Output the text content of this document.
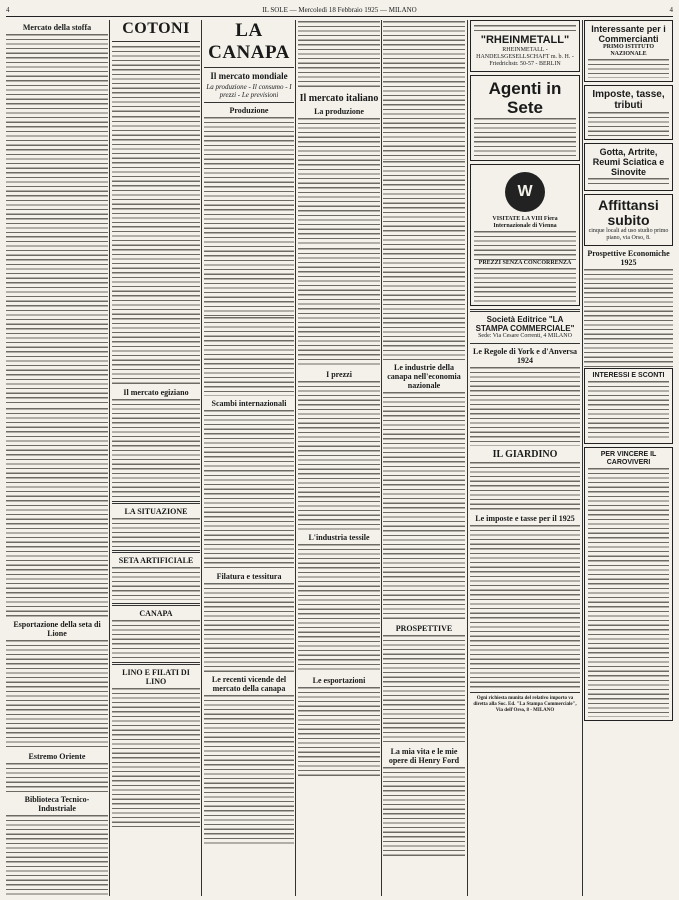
4	IL SOLE — Mercoledì 18 Febbraio 1925 — MILANO	4
Mercato della stoffa
Esportazione della seta di Lione
Estremo Oriente
Biblioteca Tecnico-Industriale
COTONI
Il mercato egiziano
LA SITUAZIONE
SETA ARTIFICIALE
CANAPA
LINO E FILATI DI LINO
LA CANAPA
Il mercato mondiale
La produzione - Il consumo - I prezzi - Le previsioni
Produzione
Scambi internazionali
Filatura e tessitura
Le recenti vicende del mercato della canapa
Il mercato italiano
La produzione
I prezzi
L'industria tessile
Le esportazioni
Le industrie della canapa nell'economia nazionale
PROSPETTIVE
La mia vita e le mie opere di Henry Ford
"RHEINMETALL"
RHEINMETALL - HANDELSGESELLSCHAFT m. b. H. - Friedrichstr. 50-57 - BERLIN
Agenti in Sete
W
VISITATE LA VIII Fiera Internazionale di Vienna
PREZZI SENZA CONCORRENZA
Società Editrice "LA STAMPA COMMERCIALE"
Sede: Via Cesare Correnti, 4 MILANO
Le Regole di York e d'Anversa 1924
IL GIARDINO
Le imposte e tasse per il 1925
Ogni richiesta munita del relativo importo va diretta alla Soc. Ed. "La Stampa Commerciale", Via dell'Orso, 8 - MILANO
Interessante per i Commercianti
PRIMO ISTITUTO NAZIONALE
Imposte, tasse, tributi
Gotta, Artrite, Reumi Sciatica e Sinovite
Affittansi subito
cinque locali ad uso studio primo piano, via Orso, 8.
Prospettive Economiche 1925
INTERESSI E SCONTI
PER VINCERE IL CAROVIVERI
